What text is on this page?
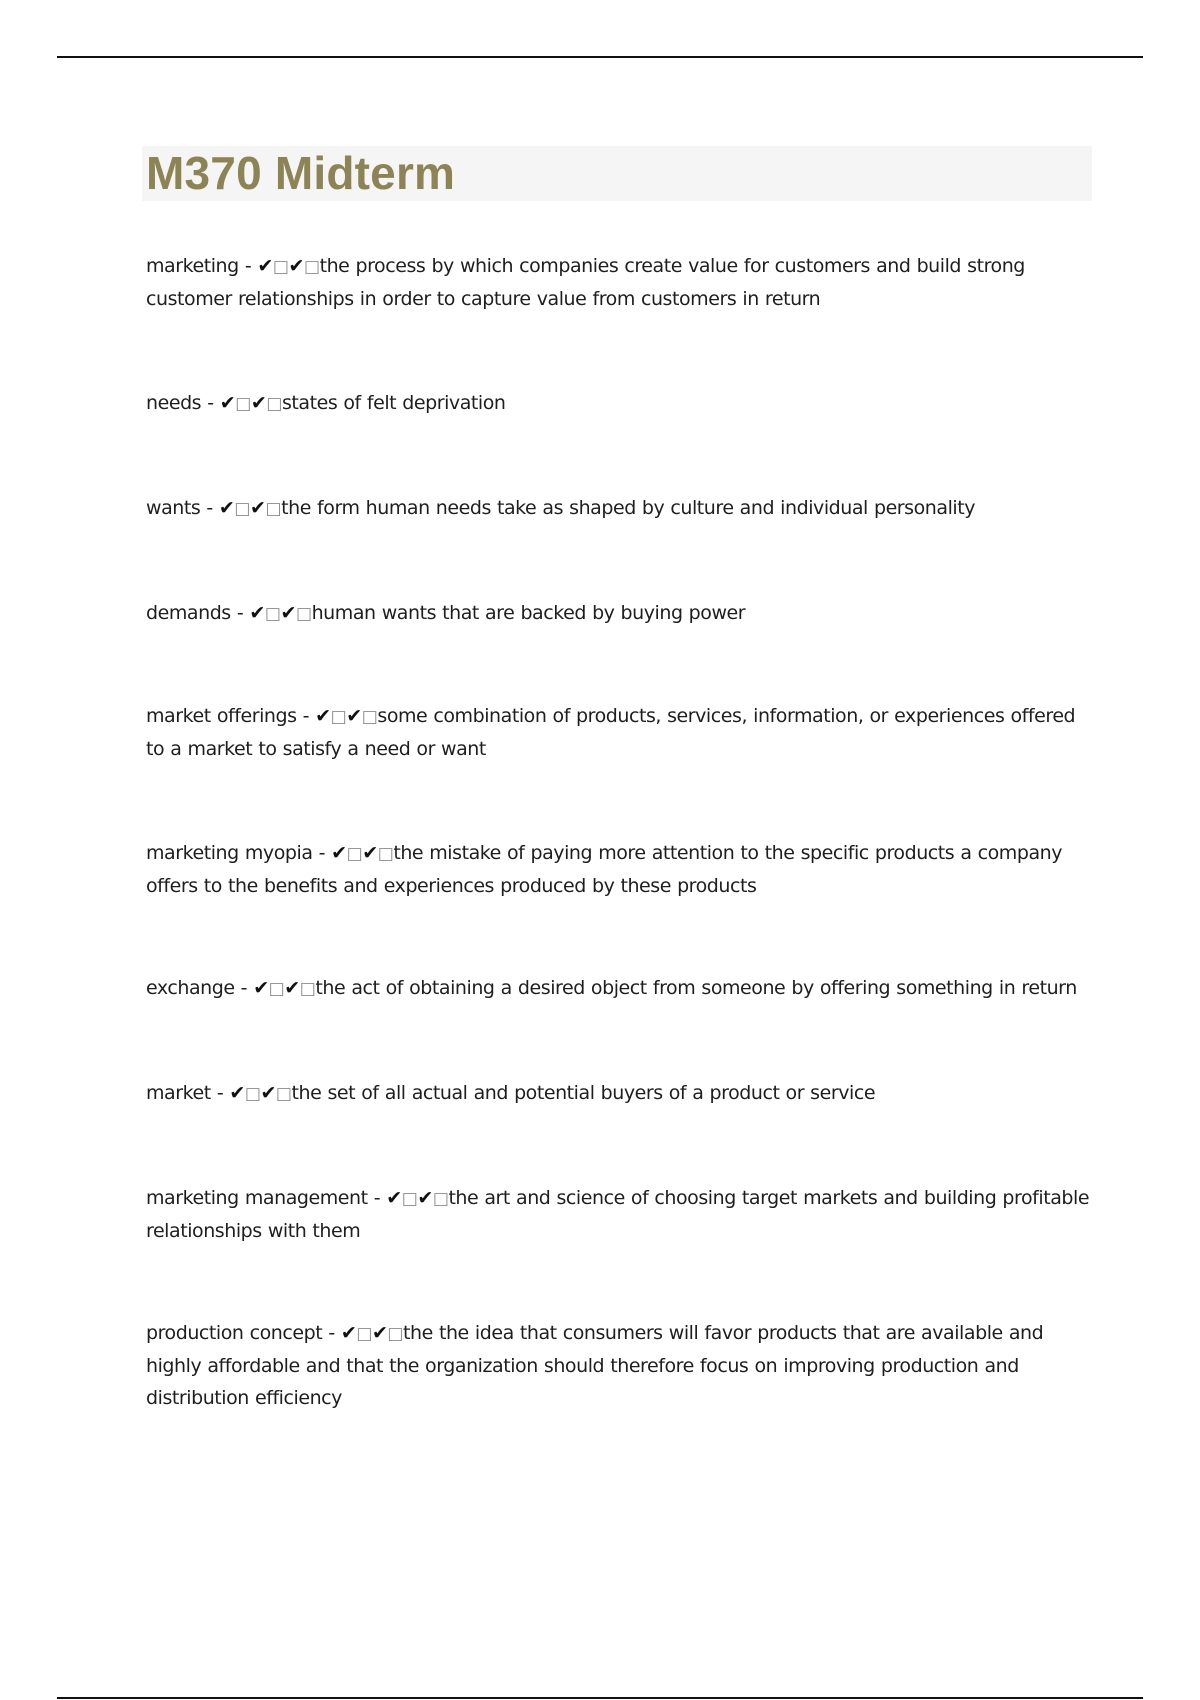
M370 Midterm
marketing - ✔□✔□the process by which companies create value for customers and build strong customer relationships in order to capture value from customers in return
needs - ✔□✔□states of felt deprivation
wants - ✔□✔□the form human needs take as shaped by culture and individual personality
demands - ✔□✔□human wants that are backed by buying power
market offerings - ✔□✔□some combination of products, services, information, or experiences offered to a market to satisfy a need or want
marketing myopia - ✔□✔□the mistake of paying more attention to the specific products a company offers to the benefits and experiences produced by these products
exchange - ✔□✔□the act of obtaining a desired object from someone by offering something in return
market - ✔□✔□the set of all actual and potential buyers of a product or service
marketing management - ✔□✔□the art and science of choosing target markets and building profitable relationships with them
production concept - ✔□✔□the the idea that consumers will favor products that are available and highly affordable and that the organization should therefore focus on improving production and distribution efficiency
